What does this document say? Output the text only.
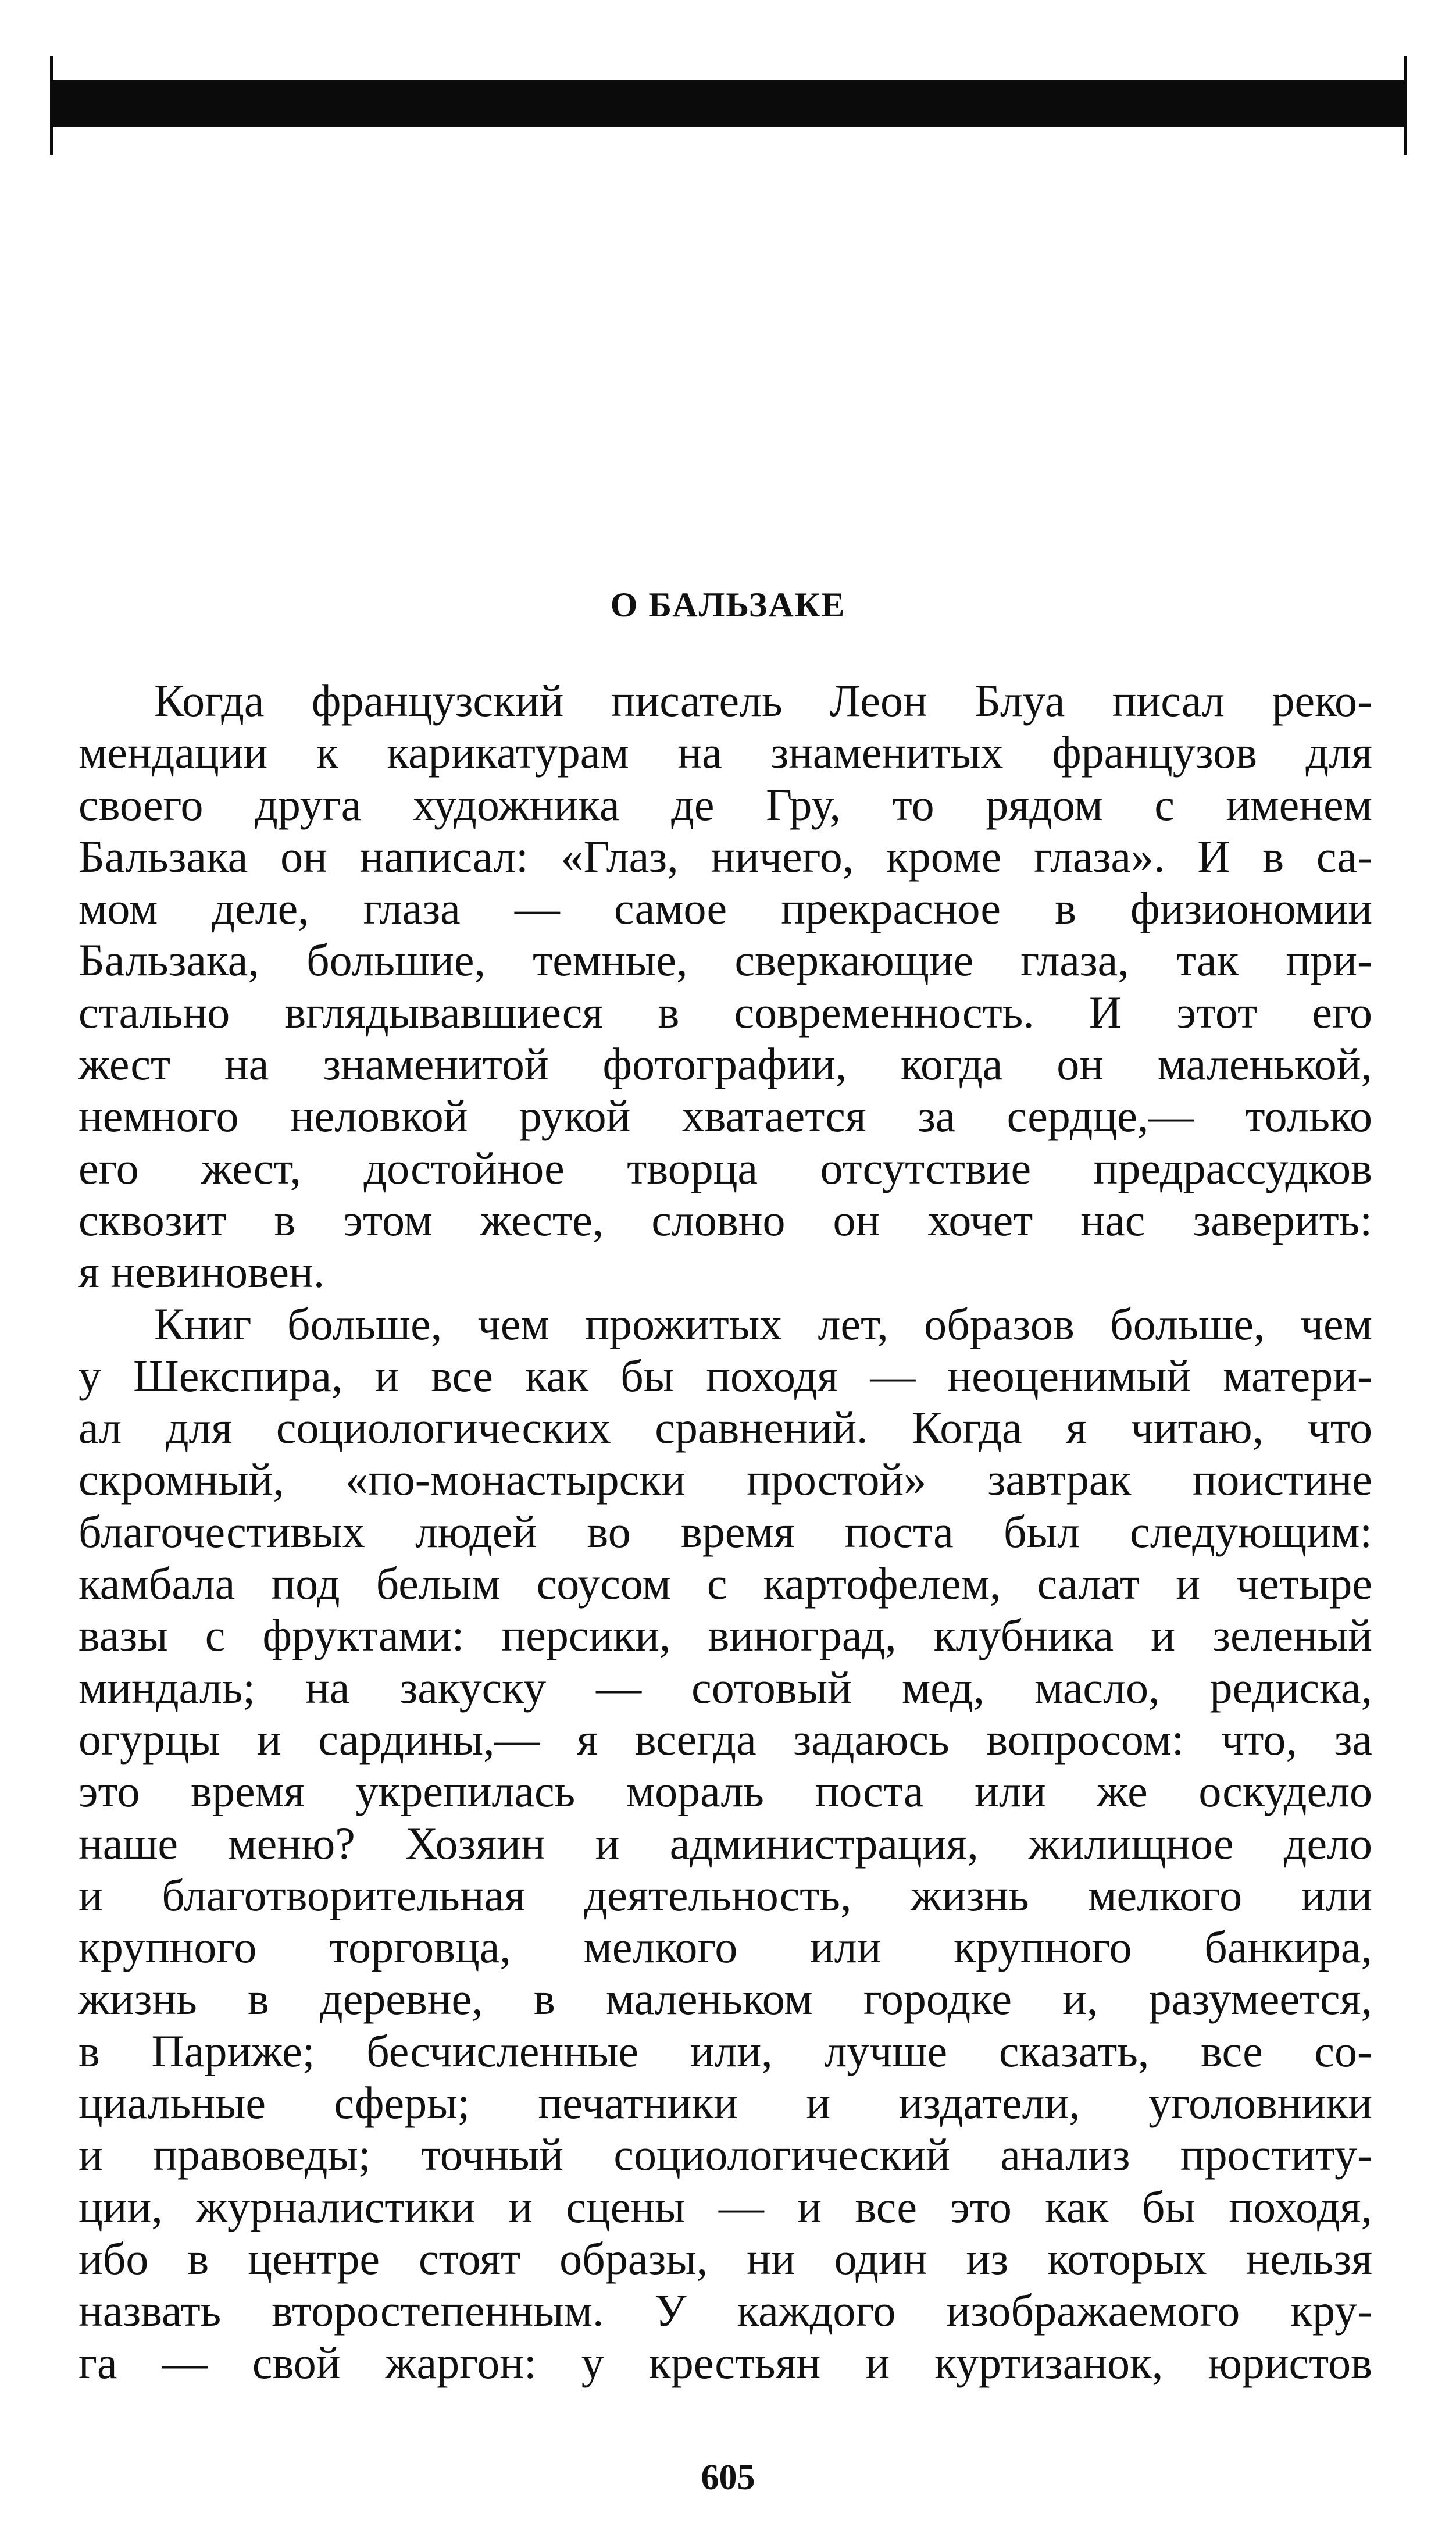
О БАЛЬЗАКЕ
Когда французский писатель Леон Блуа писал реко-
мендации к карикатурам на знаменитых французов для
своего друга художника де Гру, то рядом с именем
Бальзака он написал: «Глаз, ничего, кроме глаза». И в са-
мом деле, глаза — самое прекрасное в физиономии
Бальзака, большие, темные, сверкающие глаза, так при-
стально вглядывавшиеся в современность. И этот его
жест на знаменитой фотографии, когда он маленькой,
немного неловкой рукой хватается за сердце,— только
его жест, достойное творца отсутствие предрассудков
сквозит в этом жесте, словно он хочет нас заверить:
я невиновен.
Книг больше, чем прожитых лет, образов больше, чем
у Шекспира, и все как бы походя — неоценимый матери-
ал для социологических сравнений. Когда я читаю, что
скромный, «по-монастырски простой» завтрак поистине
благочестивых людей во время поста был следующим:
камбала под белым соусом с картофелем, салат и четыре
вазы с фруктами: персики, виноград, клубника и зеленый
миндаль; на закуску — сотовый мед, масло, редиска,
огурцы и сардины,— я всегда задаюсь вопросом: что, за
это время укрепилась мораль поста или же оскудело
наше меню? Хозяин и администрация, жилищное дело
и благотворительная деятельность, жизнь мелкого или
крупного торговца, мелкого или крупного банкира,
жизнь в деревне, в маленьком городке и, разумеется,
в Париже; бесчисленные или, лучше сказать, все со-
циальные сферы; печатники и издатели, уголовники
и правоведы; точный социологический анализ проститу-
ции, журналистики и сцены — и все это как бы походя,
ибо в центре стоят образы, ни один из которых нельзя
назвать второстепенным. У каждого изображаемого кру-
га — свой жаргон: у крестьян и куртизанок, юристов
605
